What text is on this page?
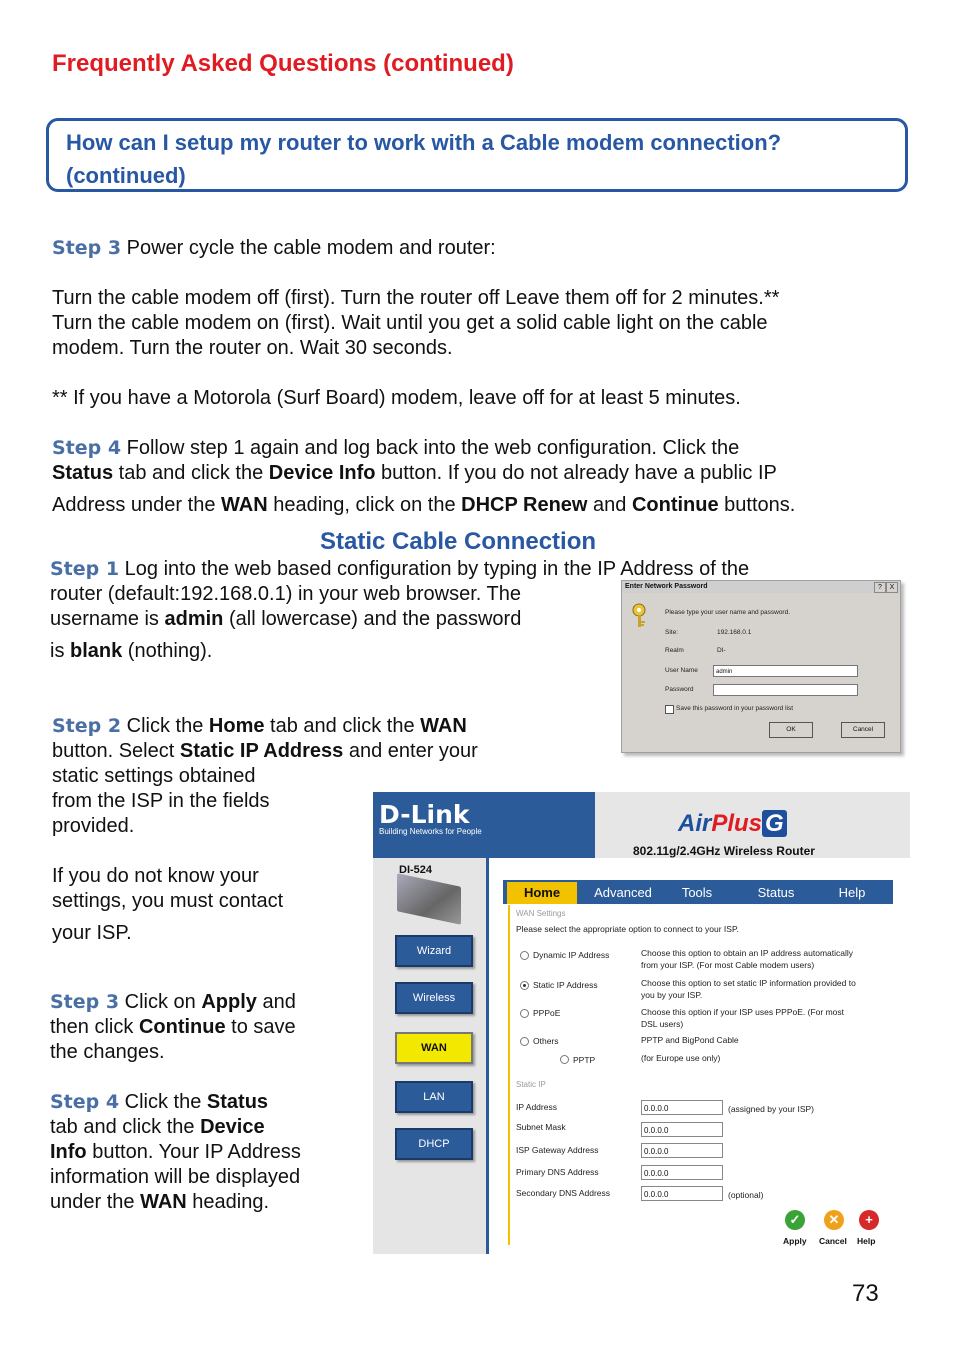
Frequently Asked Questions (continued)
How can I setup my router to work with a Cable modem connection?
(continued)
Step 3 Power cycle the cable modem and router:
Turn the cable modem off (first). Turn the router off Leave them off for 2 minutes.**
Turn the cable modem on (first). Wait until you get a solid cable light on the cable
modem. Turn the router on. Wait 30 seconds.
** If you have a Motorola (Surf Board) modem, leave off for at least 5 minutes.
Step 4 Follow step 1 again and log back into the web configuration. Click the
Status tab and click the Device Info button. If you do not already have a public IP
Address under the WAN heading, click on the DHCP Renew and Continue buttons.
Static Cable Connection
Step 1 Log into the web based configuration by typing in the IP Address of the
router (default:192.168.0.1) in your web browser. The
username is admin (all lowercase) and the password
is blank (nothing).
Enter Network Password	?	X
Please type your user name and password.
Site:	192.168.0.1
Realm	DI-
User Name	admin
Password
Save this password in your password list
OK	Cancel
Step 2 Click the Home tab and click the WAN
button. Select Static IP Address and enter your
static settings obtained
from the ISP in the fields
provided.
If you do not know your
settings, you must contact
your ISP.
Step 3 Click on Apply and
then click Continue to save
the changes.
Step 4 Click the Status
tab and click the Device
Info button. Your IP Address
information will be displayed
under the WAN heading.
D-Link
Building Networks for People	AirPlus G
802.11g/2.4GHz Wireless Router
DI-524
Wizard
Wireless
WAN
LAN
DHCP
Home	Advanced	Tools	Status	Help
WAN Settings
Please select the appropriate option to connect to your ISP.
Dynamic IP Address	Choose this option to obtain an IP address automatically
from your ISP. (For most Cable modem users)
Static IP Address	Choose this option to set static IP information provided to
you by your ISP.
PPPoE	Choose this option if your ISP uses PPPoE. (For most
DSL users)
Others	PPTP and BigPond Cable
PPTP	(for Europe use only)
Static IP
IP Address	0.0.0.0	(assigned by your ISP)
Subnet Mask	0.0.0.0
ISP Gateway Address	0.0.0.0
Primary DNS Address	0.0.0.0
Secondary DNS Address	0.0.0.0	(optional)
✓	✕	+
Apply Cancel Help
73
